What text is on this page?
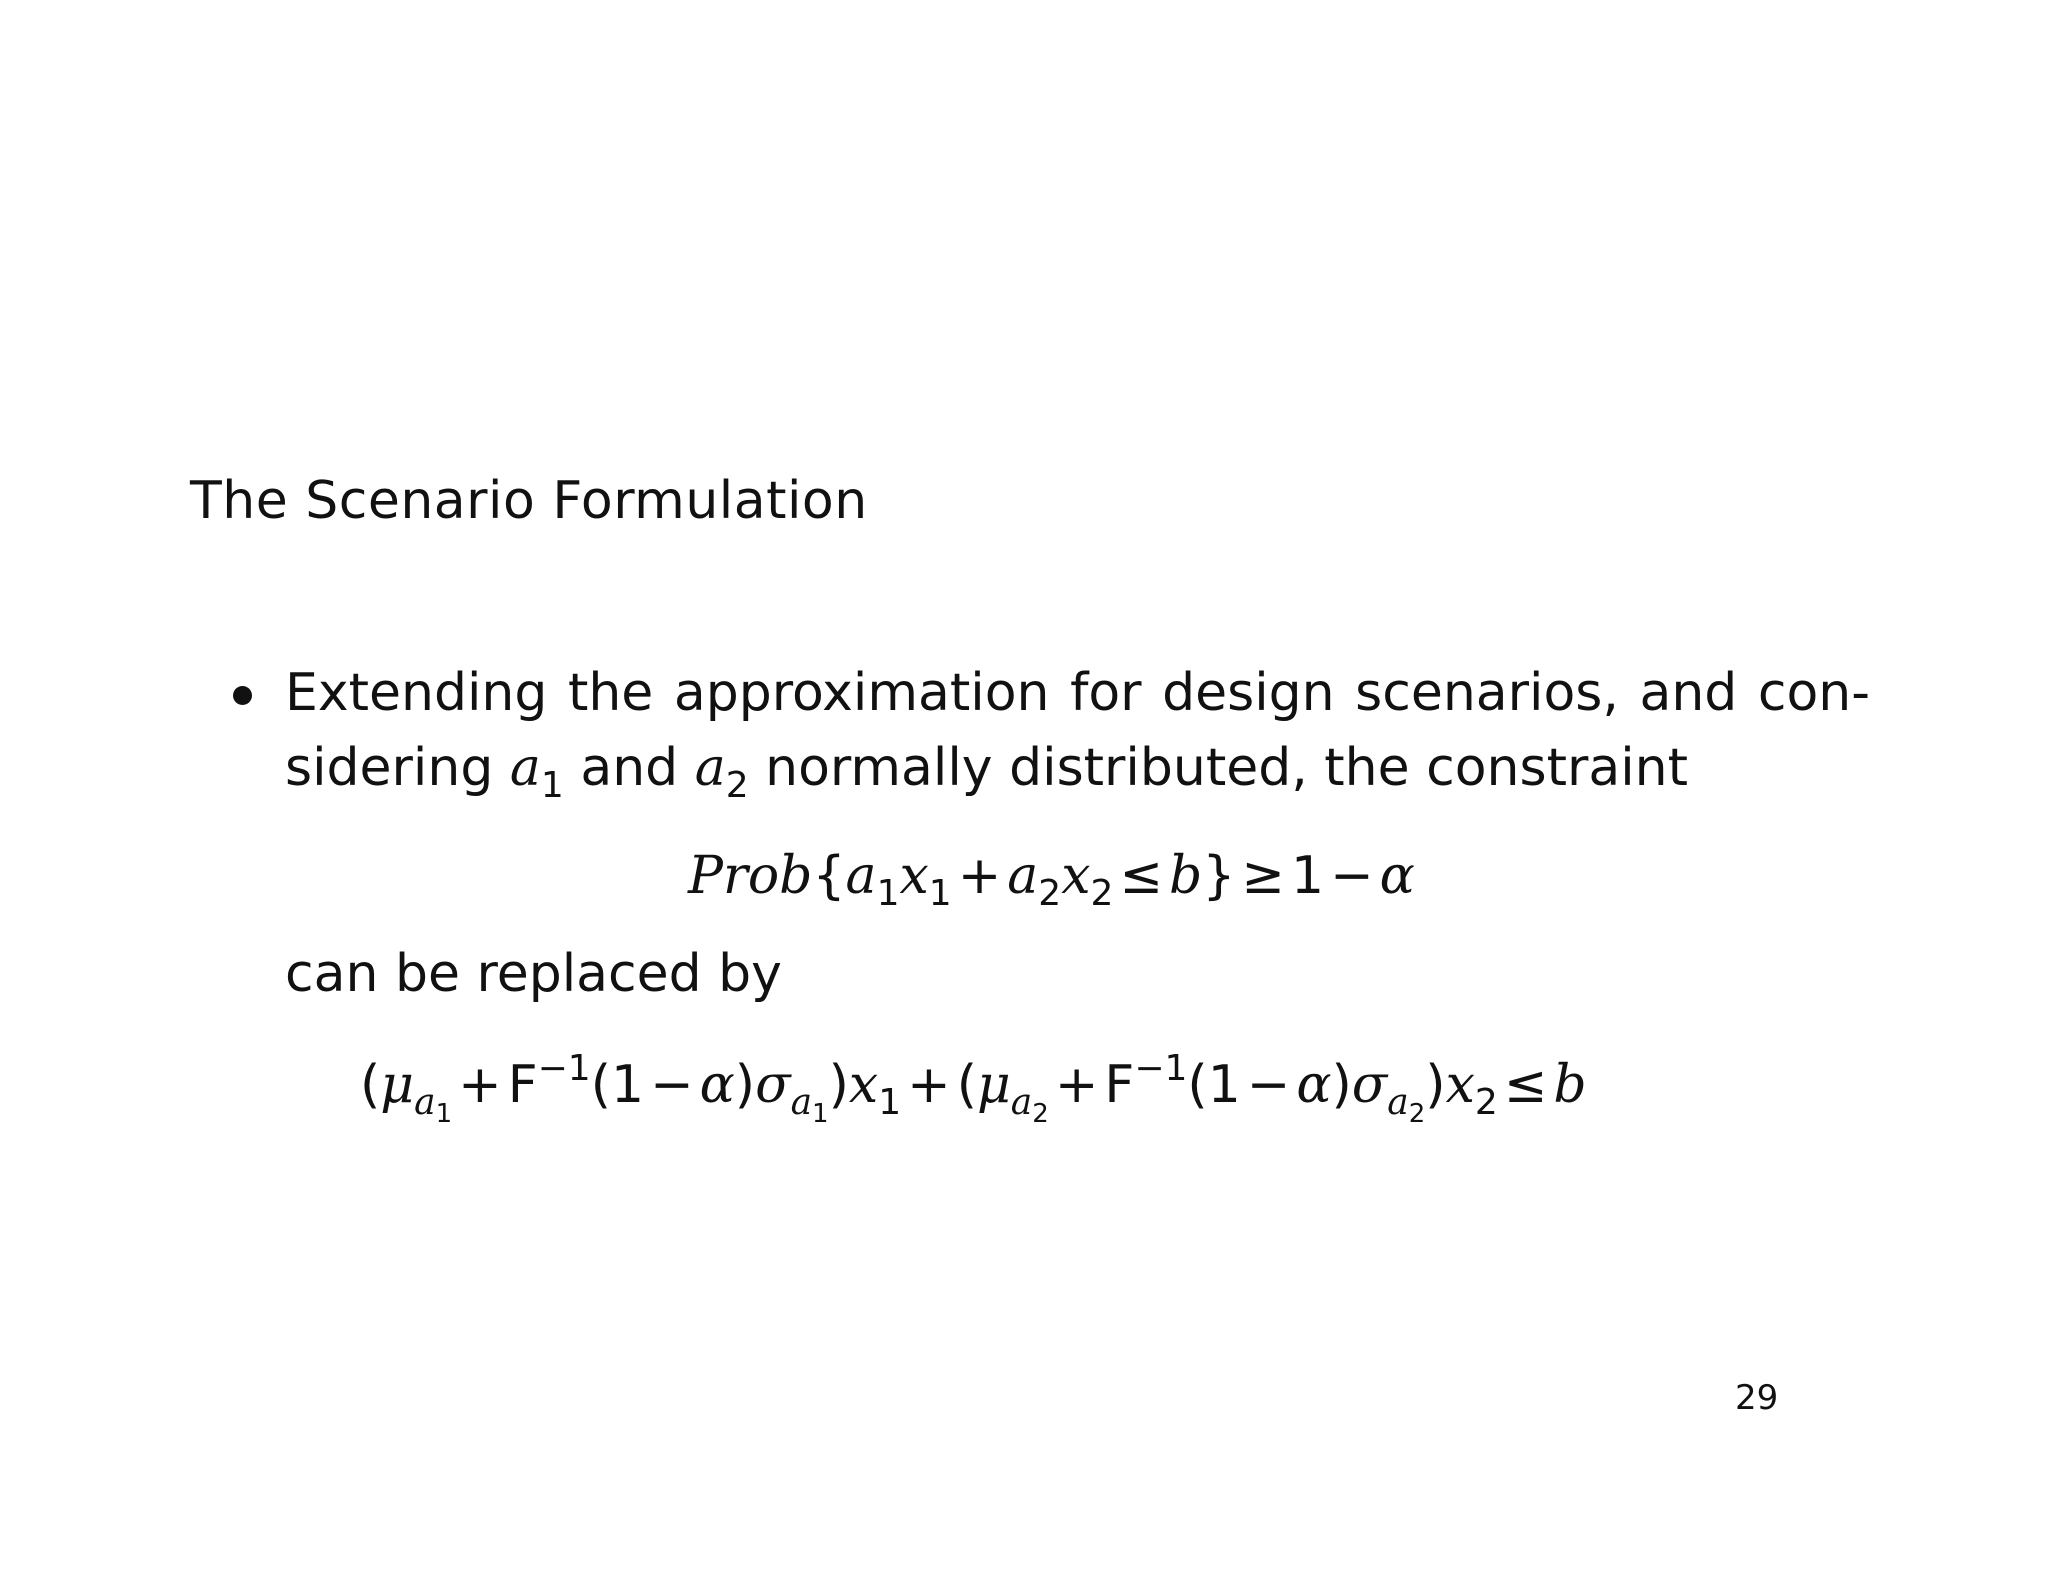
The Scenario Formulation
Extending the approximation for design scenarios, and con-
sidering $a_1$ and $a_2$ normally distributed, the constraint
$Prob\{a_1x_1 + a_2x_2 \le b\} \ge 1 - \alpha$
can be replaced by
$(\mu_{a_1} + F^{-1}(1 - \alpha)\sigma_{a_1})x_1 + (\mu_{a_2} + F^{-1}(1 - \alpha)\sigma_{a_2})x_2 \le b$
29
